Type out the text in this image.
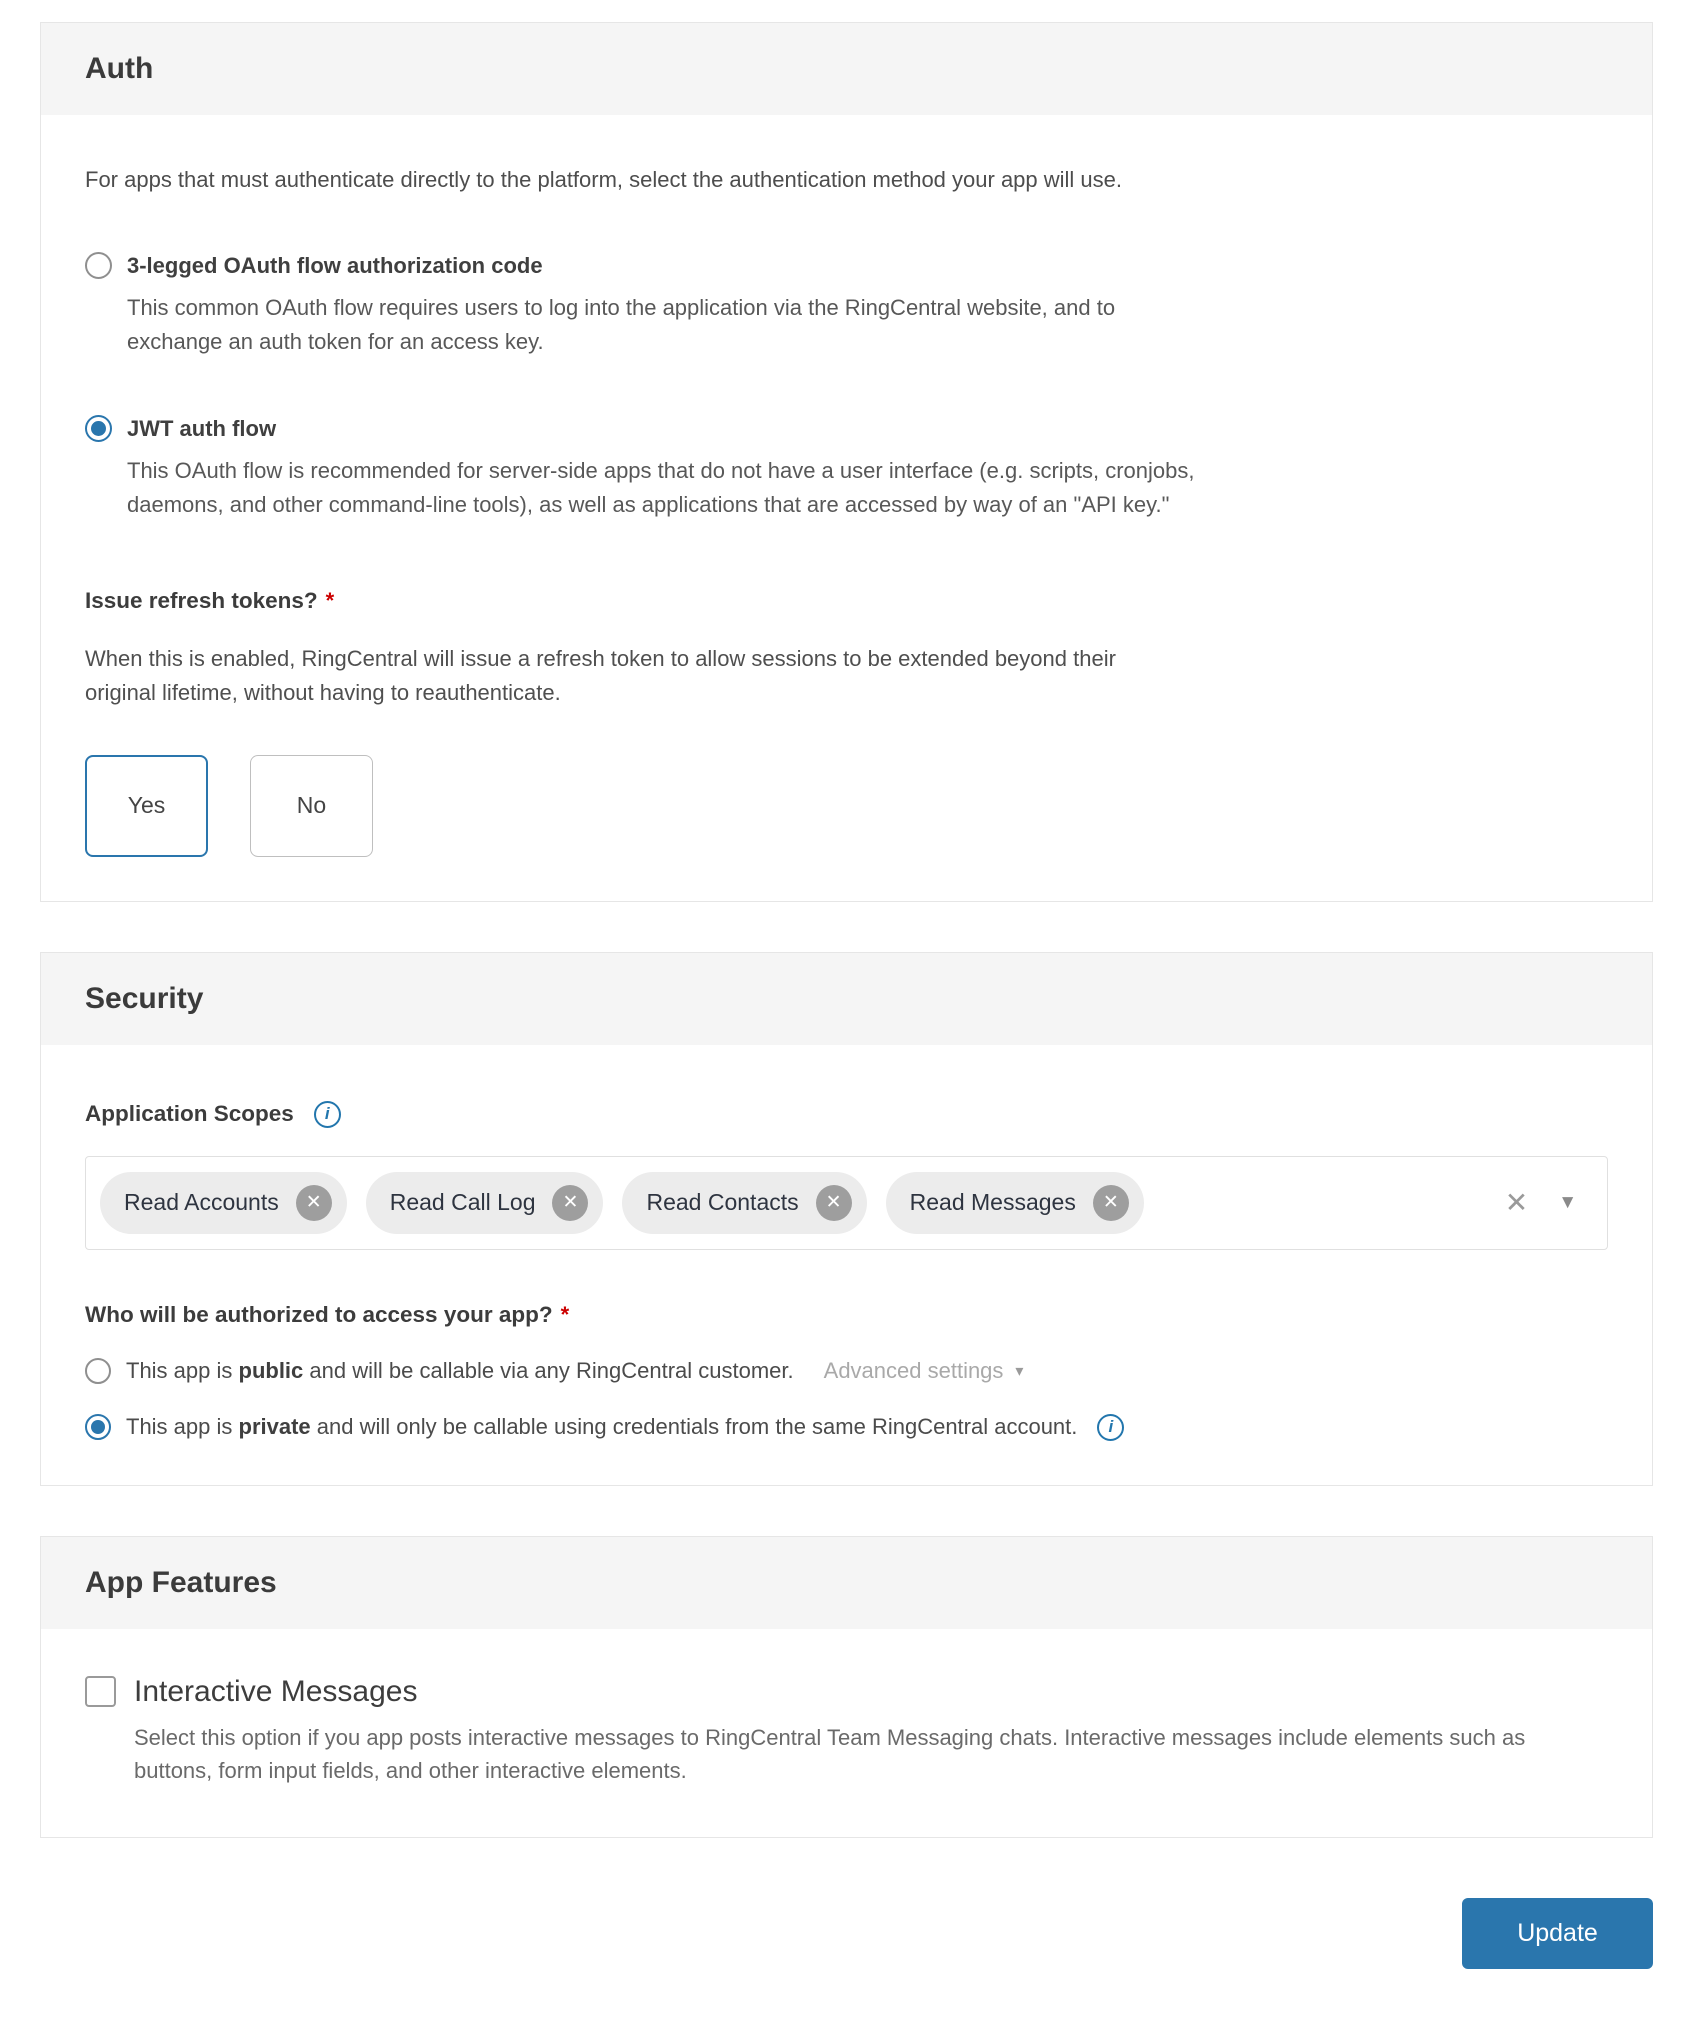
Auth

For apps that must authenticate directly to the platform, select the authentication method your app will use.

3-legged OAuth flow authorization code

This common OAuth flow requires users to log into the application via the RingCentral website, and to exchange an auth token for an access key.

JWT auth flow

This OAuth flow is recommended for server-side apps that do not have a user interface (e.g. scripts, cronjobs, daemons, and other command-line tools), as well as applications that are accessed by way of an "API key."

Issue refresh tokens? *

When this is enabled, RingCentral will issue a refresh token to allow sessions to be extended beyond their original lifetime, without having to reauthenticate.

Yes	No
Security
Application Scopes	i
Read Accounts	✕	Read Call Log	✕	Read Contacts	✕	Read Messages	✕	✕ ▼
Who will be authorized to access your app? *
This app is public and will be callable via any RingCentral customer. Advanced settings ▾
This app is private and will only be callable using credentials from the same RingCentral account.	i
App Features
Interactive Messages

Select this option if you app posts interactive messages to RingCentral Team Messaging chats. Interactive messages include elements such as buttons, form input fields, and other interactive elements.

Update
